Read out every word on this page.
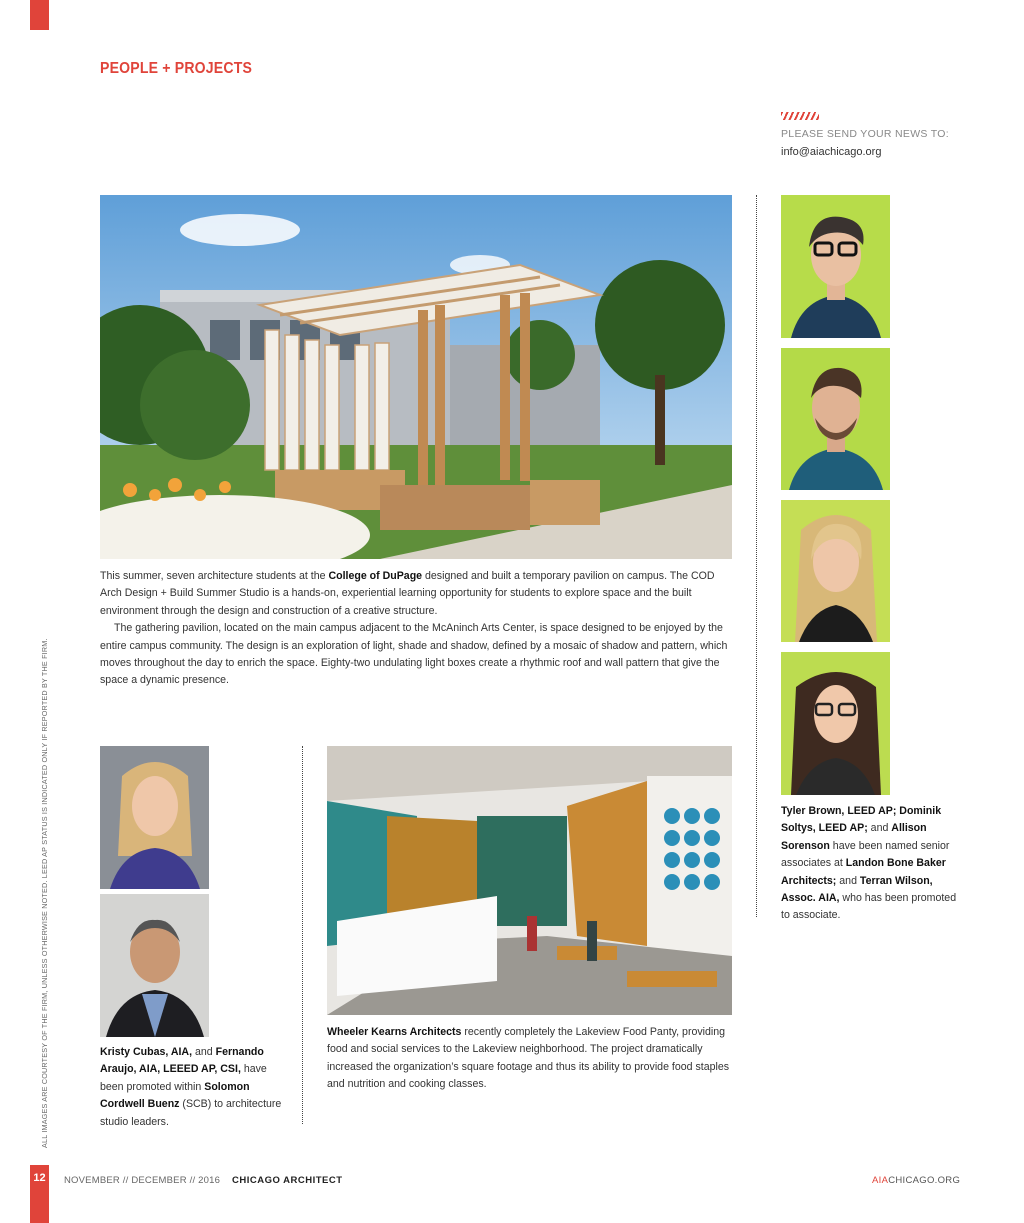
PEOPLE + PROJECTS
PLEASE SEND YOUR NEWS TO:
info@aiachicago.org

This summer, seven architecture students at the College of DuPage designed and built a temporary pavilion on campus. The COD Arch Design + Build Summer Studio is a hands-on, experiential learning opportunity for students to explore space and the built environment through the design and construction of a creative structure.

The gathering pavilion, located on the main campus adjacent to the McAninch Arts Center, is space designed to be enjoyed by the entire campus community. The design is an exploration of light, shade and shadow, defined by a mosaic of shadow and pattern, which moves throughout the day to enrich the space. Eighty-two undulating light boxes create a rhythmic roof and wall pattern that give the space a dynamic presence.

Tyler Brown, LEED AP; Dominik Soltys, LEED AP; and Allison Sorenson have been named senior associates at Landon Bone Baker Architects; and Terran Wilson, Assoc. AIA, who has been promoted to associate.
Wheeler Kearns Architects recently completely the Lakeview Food Panty, providing food and social services to the Lakeview neighborhood. The project dramatically increased the organization’s square footage and thus its ability to provide food staples and nutrition and cooking classes.
Kristy Cubas, AIA, and Fernando Araujo, AIA, LEEED AP, CSI, have been promoted within Solomon Cordwell Buenz (SCB) to architecture studio leaders.
ALL IMAGES ARE COURTESY OF THE FIRM, UNLESS OTHERWISE NOTED. LEED AP STATUS IS INDICATED ONLY IF REPORTED BY THE FIRM.
12	NOVEMBER // DECEMBER // 2016 CHICAGO ARCHITECT	AIACHICAGO.ORG
